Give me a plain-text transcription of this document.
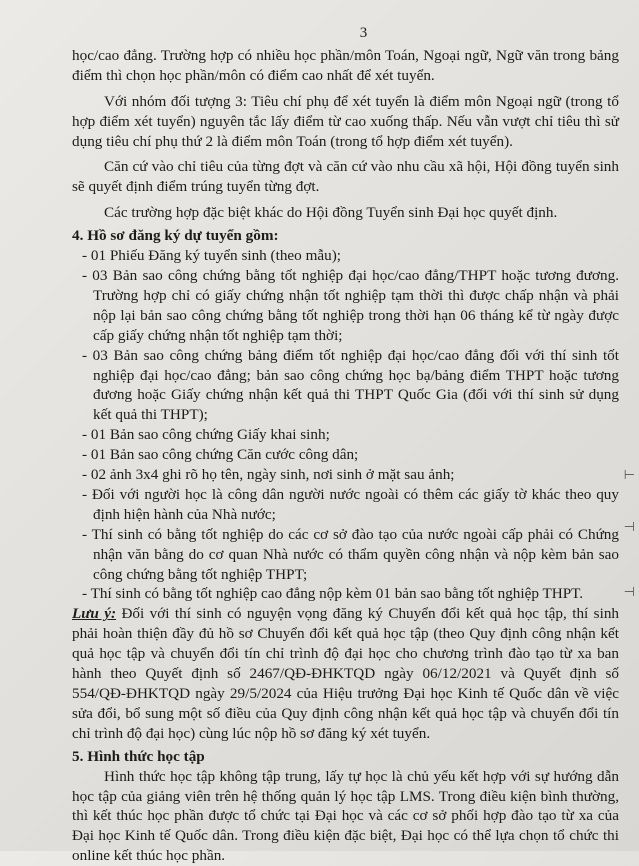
3

học/cao đẳng. Trường hợp có nhiều học phần/môn Toán, Ngoại ngữ, Ngữ văn trong bảng điểm thì chọn học phần/môn có điểm cao nhất để xét tuyển.

Với nhóm đối tượng 3: Tiêu chí phụ để xét tuyển là điểm môn Ngoại ngữ (trong tổ hợp điểm xét tuyển) nguyên tắc lấy điểm từ cao xuống thấp. Nếu vẫn vượt chỉ tiêu thì sử dụng tiêu chí phụ thứ 2 là điểm môn Toán (trong tổ hợp điểm xét tuyển).

Căn cứ vào chỉ tiêu của từng đợt và căn cứ vào nhu cầu xã hội, Hội đồng tuyển sinh sẽ quyết định điểm trúng tuyển từng đợt.

Các trường hợp đặc biệt khác do Hội đồng Tuyển sinh Đại học quyết định.

4. Hồ sơ đăng ký dự tuyển gồm:

- 01 Phiếu Đăng ký tuyển sinh (theo mẫu);

- 03 Bản sao công chứng bằng tốt nghiệp đại học/cao đẳng/THPT hoặc tương đương. Trường hợp chỉ có giấy chứng nhận tốt nghiệp tạm thời thì được chấp nhận và phải nộp lại bản sao công chứng bằng tốt nghiệp trong thời hạn 06 tháng kể từ ngày được cấp giấy chứng nhận tốt nghiệp tạm thời;

- 03 Bản sao công chứng bảng điểm tốt nghiệp đại học/cao đẳng đối với thí sinh tốt nghiệp đại học/cao đẳng; bản sao công chứng học bạ/bảng điểm THPT hoặc tương đương hoặc Giấy chứng nhận kết quả thi THPT Quốc Gia (đối với thí sinh sử dụng kết quả thi THPT);

- 01 Bản sao công chứng Giấy khai sinh;

- 01 Bản sao công chứng Căn cước công dân;

- 02 ảnh 3x4 ghi rõ họ tên, ngày sinh, nơi sinh ở mặt sau ảnh;

- Đối với người học là công dân người nước ngoài có thêm các giấy tờ khác theo quy định hiện hành của Nhà nước;

- Thí sinh có bằng tốt nghiệp do các cơ sở đào tạo của nước ngoài cấp phải có Chứng nhận văn bằng do cơ quan Nhà nước có thẩm quyền công nhận và nộp kèm bản sao công chứng bằng tốt nghiệp THPT;

- Thí sinh có bằng tốt nghiệp cao đẳng nộp kèm 01 bản sao bằng tốt nghiệp THPT.

Lưu ý: Đối với thí sinh có nguyện vọng đăng ký Chuyển đổi kết quả học tập, thí sinh phải hoàn thiện đầy đủ hồ sơ Chuyển đổi kết quả học tập (theo Quy định công nhận kết quả học tập và chuyển đổi tín chỉ trình độ đại học cho chương trình đào tạo từ xa ban hành theo Quyết định số 2467/QĐ-ĐHKTQD ngày 06/12/2021 và Quyết định số 554/QĐ-ĐHKTQD ngày 29/5/2024 của Hiệu trưởng Đại học Kinh tế Quốc dân về việc sửa đổi, bổ sung một số điều của Quy định công nhận kết quả học tập và chuyển đổi tín chỉ trình độ đại học) cùng lúc nộp hồ sơ đăng ký xét tuyển.

5. Hình thức học tập

Hình thức học tập không tập trung, lấy tự học là chủ yếu kết hợp với sự hướng dẫn học tập của giảng viên trên hệ thống quản lý học tập LMS. Trong điều kiện bình thường, thì kết thúc học phần được tổ chức tại Đại học và các cơ sở phối hợp đào tạo từ xa của Đại học Kinh tế Quốc dân. Trong điều kiện đặc biệt, Đại học có thể lựa chọn tổ chức thi online kết thúc học phần.

⊢
⊣
⊣
